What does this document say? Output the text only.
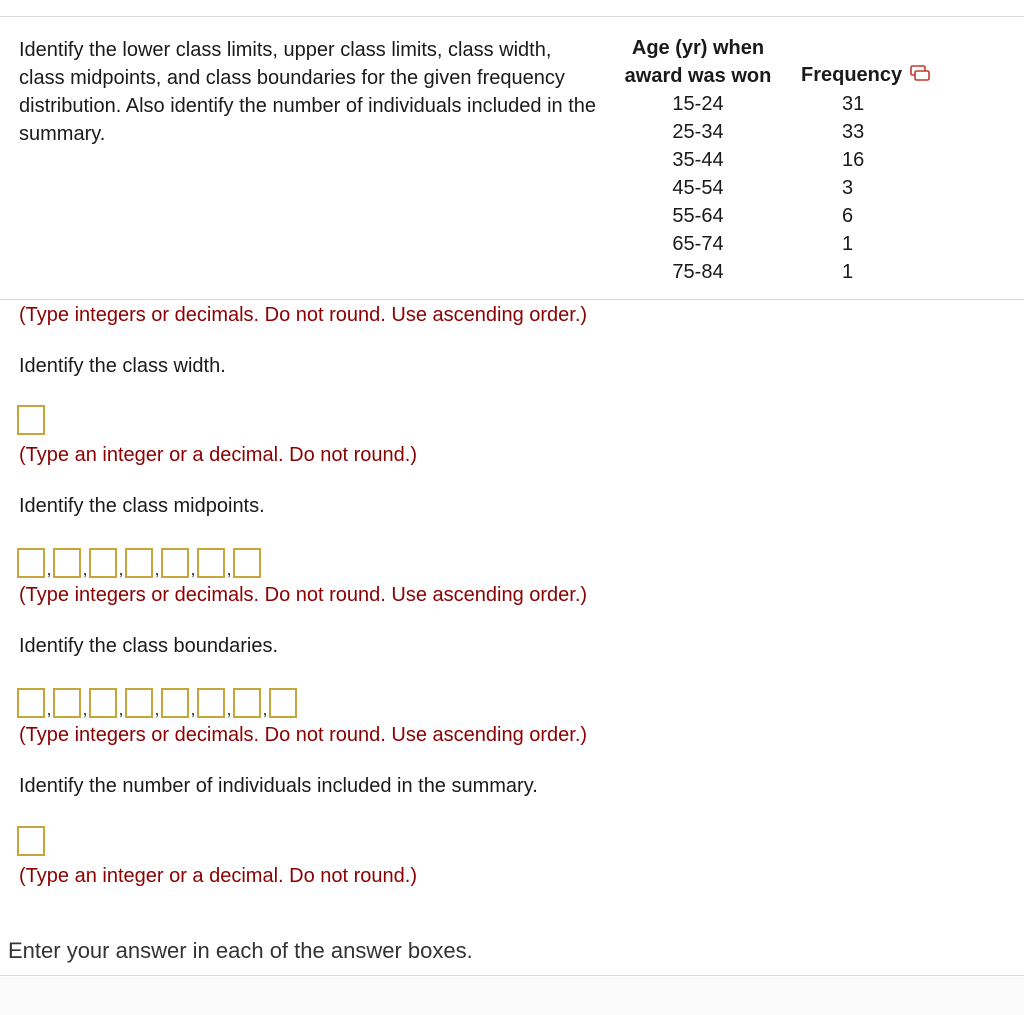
Identify the lower class limits, upper class limits, class width, class midpoints, and class boundaries for the given frequency distribution. Also identify the number of individuals included in the summary.
Age (yr) when
award was won	Frequency
15-24	31
25-34	33
35-44	16
45-54	3
55-64	6
65-74	1
75-84	1
(Type integers or decimals. Do not round. Use ascending order.)
Identify the class width.
(Type an integer or a decimal. Do not round.)
Identify the class midpoints.
, , , , , ,
(Type integers or decimals. Do not round. Use ascending order.)
Identify the class boundaries.
, , , , , , ,
(Type integers or decimals. Do not round. Use ascending order.)
Identify the number of individuals included in the summary.
(Type an integer or a decimal. Do not round.)
Enter your answer in each of the answer boxes.
